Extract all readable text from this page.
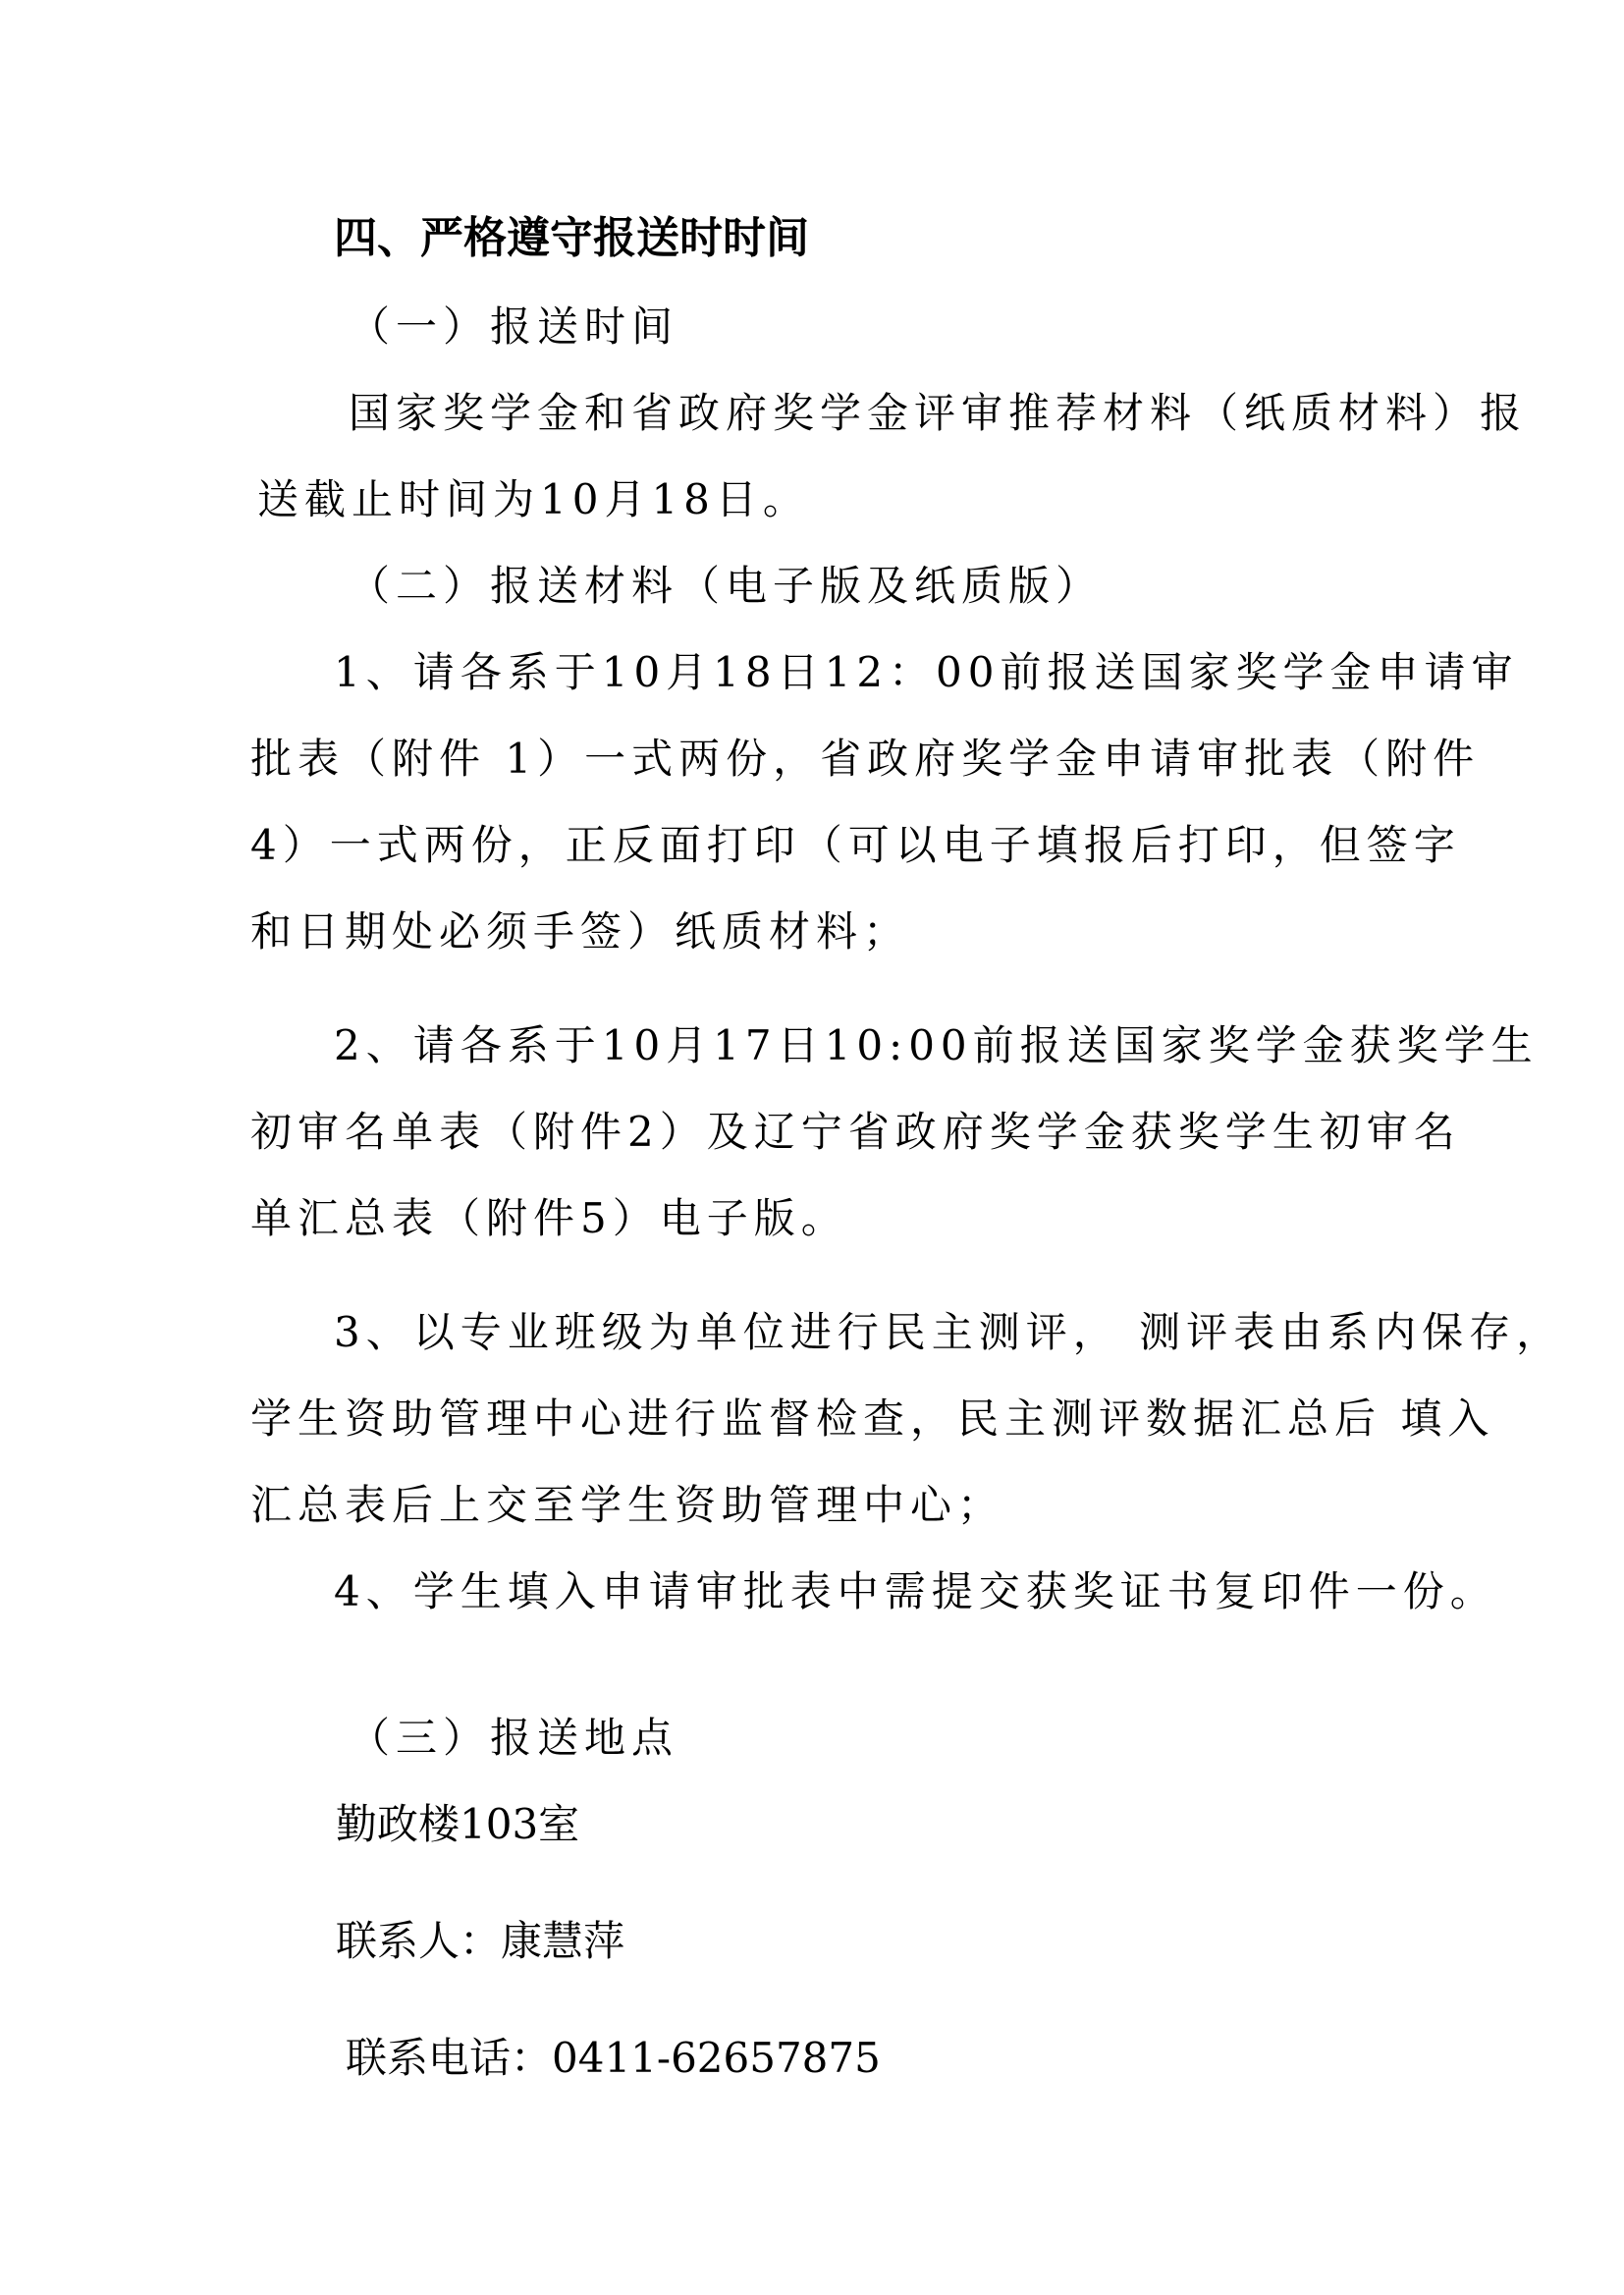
四、严格遵守报送时时间

（一）报送时间

国家奖学金和省政府奖学金评审推荐材料（纸质材料）报

送截止时间为10月18日。

（二）报送材料（电子版及纸质版）

1、请各系于10月18日12：00前报送国家奖学金申请审

批表（附件 1）一式两份，省政府奖学金申请审批表（附件

4）一式两份，正反面打印（可以电子填报后打印，但签字

和日期处必须手签）纸质材料；

2、请各系于10月17日10:00前报送国家奖学金获奖学生

初审名单表（附件2）及辽宁省政府奖学金获奖学生初审名

单汇总表（附件5）电子版。

3、以专业班级为单位进行民主测评， 测评表由系内保存，

学生资助管理中心进行监督检查，民主测评数据汇总后 填入

汇总表后上交至学生资助管理中心；

4、学生填入申请审批表中需提交获奖证书复印件一份。

（三）报送地点

勤政楼103室

联系人：康慧萍

联系电话：0411-62657875
